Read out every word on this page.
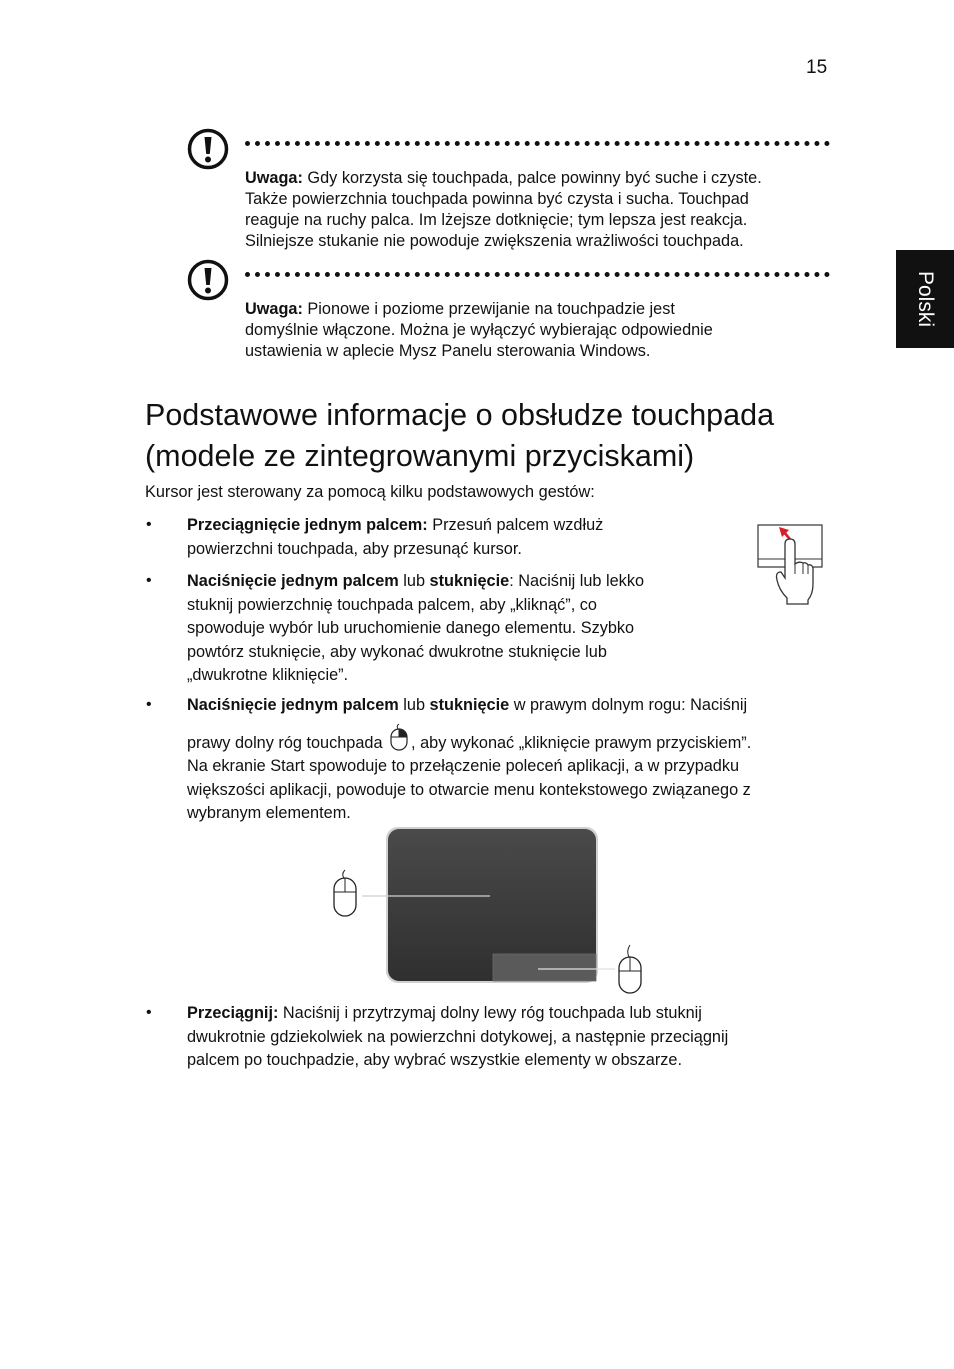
15
Polski
Uwaga: Gdy korzysta się touchpada, palce powinny być suche i czyste.
Także powierzchnia touchpada powinna być czysta i sucha. Touchpad
reaguje na ruchy palca. Im lżejsze dotknięcie; tym lepsza jest reakcja.
Silniejsze stukanie nie powoduje zwiększenia wrażliwości touchpada.
Uwaga: Pionowe i poziome przewijanie na touchpadzie jest
domyślnie włączone. Można je wyłączyć wybierając odpowiednie
ustawienia w aplecie Mysz Panelu sterowania Windows.
Podstawowe informacje o obsłudze touchpada
(modele ze zintegrowanymi przyciskami)
Kursor jest sterowany za pomocą kilku podstawowych gestów:
• Przeciągnięcie jednym palcem: Przesuń palcem wzdłuż
powierzchni touchpada, aby przesunąć kursor.
• Naciśnięcie jednym palcem lub stuknięcie: Naciśnij lub lekko
stuknij powierzchnię touchpada palcem, aby „kliknąć”, co
spowoduje wybór lub uruchomienie danego elementu. Szybko
powtórz stuknięcie, aby wykonać dwukrotne stuknięcie lub
„dwukrotne kliknięcie”.
• Naciśnięcie jednym palcem lub stuknięcie w prawym dolnym rogu: Naciśnij
prawy dolny róg touchpada , aby wykonać „kliknięcie prawym przyciskiem”.
Na ekranie Start spowoduje to przełączenie poleceń aplikacji, a w przypadku
większości aplikacji, powoduje to otwarcie menu kontekstowego związanego z
wybranym elementem.
• Przeciągnij: Naciśnij i przytrzymaj dolny lewy róg touchpada lub stuknij
dwukrotnie gdziekolwiek na powierzchni dotykowej, a następnie przeciągnij
palcem po touchpadzie, aby wybrać wszystkie elementy w obszarze.
